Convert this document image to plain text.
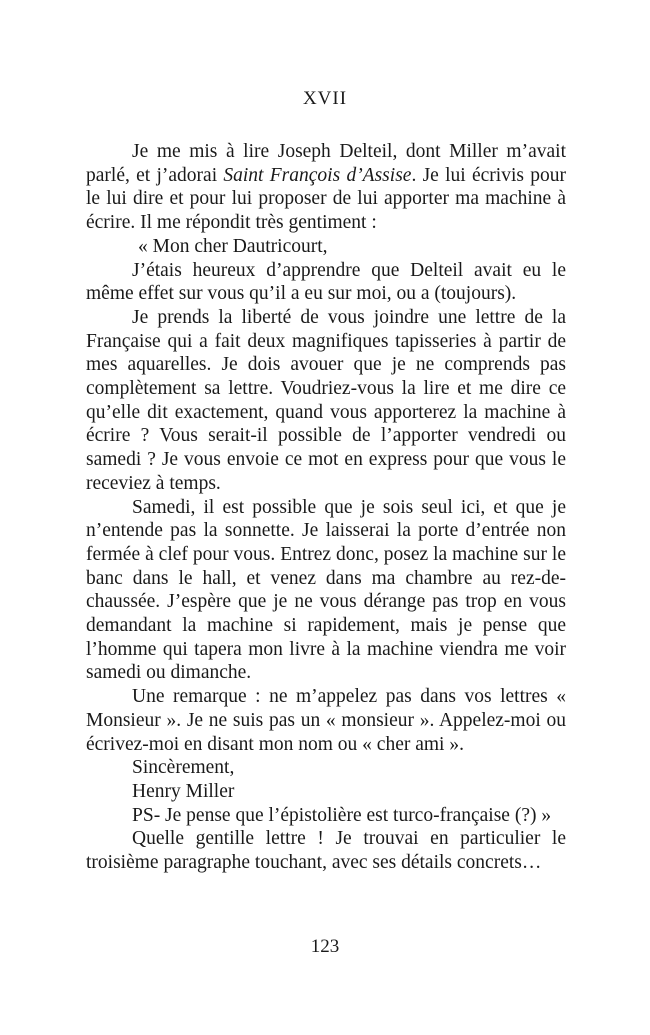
XVII

Je me mis à lire Joseph Delteil, dont Miller m’avait parlé, et j’adorai Saint François d’Assise. Je lui écrivis pour le lui dire et pour lui proposer de lui apporter ma machine à écrire. Il me répondit très gentiment :

« Mon cher Dautricourt,

J’étais heureux d’apprendre que Delteil avait eu le même effet sur vous qu’il a eu sur moi, ou a (toujours).

Je prends la liberté de vous joindre une lettre de la Française qui a fait deux magnifiques tapisseries à partir de mes aquarelles. Je dois avouer que je ne comprends pas complètement sa lettre. Voudriez-vous la lire et me dire ce qu’elle dit exactement, quand vous apporterez la machine à écrire ? Vous serait-il possible de l’apporter vendredi ou samedi ? Je vous envoie ce mot en express pour que vous le receviez à temps.

Samedi, il est possible que je sois seul ici, et que je n’entende pas la sonnette. Je laisserai la porte d’entrée non fermée à clef pour vous. Entrez donc, posez la machine sur le banc dans le hall, et venez dans ma chambre au rez-de-chaussée. J’espère que je ne vous dérange pas trop en vous demandant la machine si rapidement, mais je pense que l’homme qui tapera mon livre à la machine viendra me voir samedi ou dimanche.

Une remarque : ne m’appelez pas dans vos lettres « Monsieur ». Je ne suis pas un « monsieur ». Appelez-moi ou écrivez-moi en disant mon nom ou « cher ami ».

Sincèrement,

Henry Miller

PS- Je pense que l’épistolière est turco-française (?) »

Quelle gentille lettre ! Je trouvai en particulier le troisième paragraphe touchant, avec ses détails concrets…

123
